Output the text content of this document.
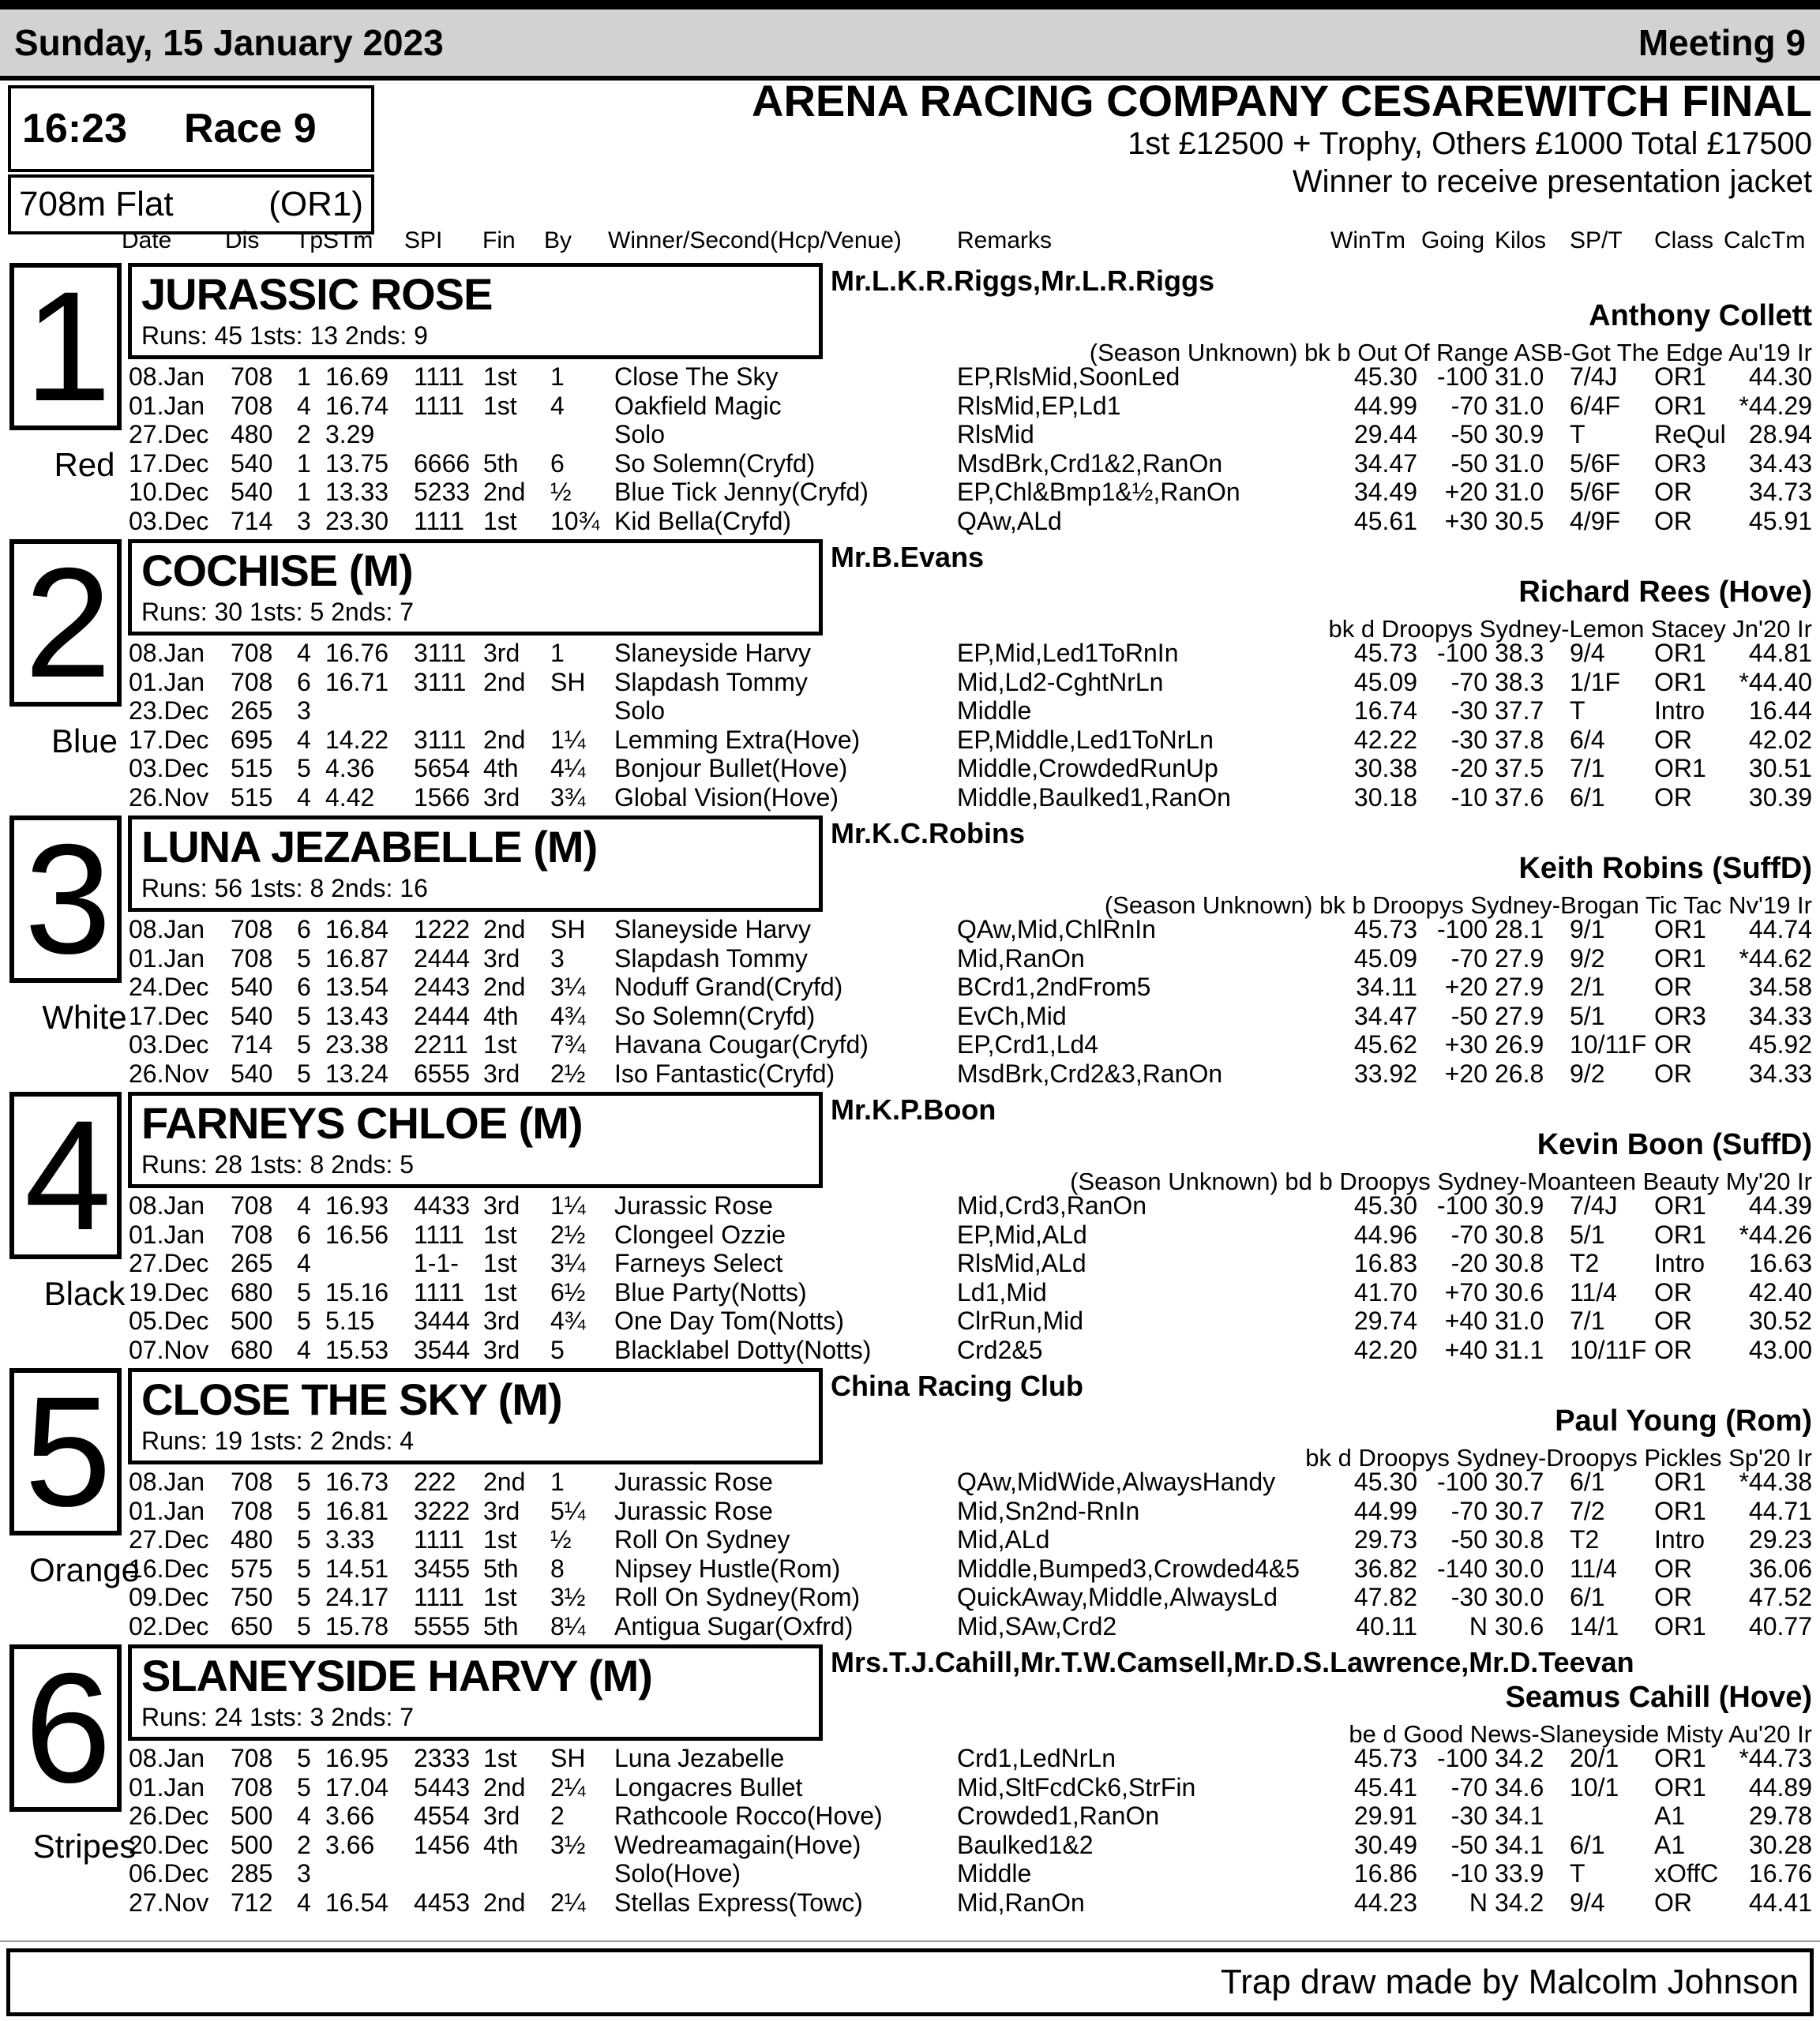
Sunday, 15 January 2023	Meeting 9
16:23 Race 9
708m Flat	(OR1)
ARENA RACING COMPANY CESAREWITCH FINAL
1st £12500 + Trophy, Others £1000 Total £17500
Winner to receive presentation jacket
Date Dis TpSTm SPI Fin By Winner/Second(Hcp/Venue) Remarks	WinTm Going Kilos SP/T Class CalcTm
1
Red
JURASSIC ROSE
Runs: 45 1sts: 13 2nds: 9
Mr.L.K.R.Riggs,Mr.L.R.Riggs
Anthony Collett
(Season Unknown) bk b Out Of Range ASB-Got The Edge Au'19 Ir
08.Jan 708 1 16.69 1111 1st 1 Close The Sky	EP,RlsMid,SoonLed	45.30 -100 31.0 7/4J OR1	44.30
01.Jan 708 4 16.74 1111 1st 4 Oakfield Magic	RlsMid,EP,Ld1	44.99	-70 31.0 6/4F OR1	*44.29
27.Dec 480 2 3.29	Solo	RlsMid	29.44	-50 30.9 T	ReQul 28.94
17.Dec 540 1 13.75 6666 5th 6 So Solemn(Cryfd)	MsdBrk,Crd1&2,RanOn	34.47	-50 31.0 5/6F OR3	34.43
10.Dec 540 1 13.33 5233 2nd ½ Blue Tick Jenny(Cryfd)	EP,Chl&Bmp1&½,RanOn	34.49	+20 31.0 5/6F OR	34.73
03.Dec 714 3 23.30 1111 1st 10¾ Kid Bella(Cryfd)	QAw,ALd	45.61	+30 30.5 4/9F OR	45.91
2
Blue
COCHISE (M)
Runs: 30 1sts: 5 2nds: 7
Mr.B.Evans
Richard Rees (Hove)
bk d Droopys Sydney-Lemon Stacey Jn'20 Ir
08.Jan 708 4 16.76 3111 3rd 1 Slaneyside Harvy	EP,Mid,Led1ToRnIn	45.73 -100 38.3 9/4 OR1	44.81
01.Jan 708 6 16.71 3111 2nd SH Slapdash Tommy	Mid,Ld2-CghtNrLn	45.09	-70 38.3 1/1F OR1	*44.40
23.Dec 265 3	Solo	Middle	16.74	-30 37.7 T	Intro	16.44
17.Dec 695 4 14.22 3111 2nd 1¼ Lemming Extra(Hove)	EP,Middle,Led1ToNrLn	42.22	-30 37.8 6/4 OR	42.02
03.Dec 515 5 4.36 5654 4th 4¼ Bonjour Bullet(Hove)	Middle,CrowdedRunUp	30.38	-20 37.5 7/1 OR1	30.51
26.Nov 515 4 4.42 1566 3rd 3¾ Global Vision(Hove)	Middle,Baulked1,RanOn	30.18	-10 37.6 6/1 OR	30.39
3
White
LUNA JEZABELLE (M)
Runs: 56 1sts: 8 2nds: 16
Mr.K.C.Robins
Keith Robins (SuffD)
(Season Unknown) bk b Droopys Sydney-Brogan Tic Tac Nv'19 Ir
08.Jan 708 6 16.84 1222 2nd SH Slaneyside Harvy	QAw,Mid,ChlRnIn	45.73 -100 28.1 9/1 OR1	44.74
01.Jan 708 5 16.87 2444 3rd 3 Slapdash Tommy	Mid,RanOn	45.09	-70 27.9 9/2 OR1	*44.62
24.Dec 540 6 13.54 2443 2nd 3¼ Noduff Grand(Cryfd)	BCrd1,2ndFrom5	34.11	+20 27.9 2/1 OR	34.58
17.Dec 540 5 13.43 2444 4th 4¾ So Solemn(Cryfd)	EvCh,Mid	34.47	-50 27.9 5/1 OR3	34.33
03.Dec 714 5 23.38 2211 1st 7¾ Havana Cougar(Cryfd)	EP,Crd1,Ld4	45.62	+30 26.9 10/11F OR	45.92
26.Nov 540 5 13.24 6555 3rd 2½ Iso Fantastic(Cryfd)	MsdBrk,Crd2&3,RanOn	33.92	+20 26.8 9/2 OR	34.33
4
Black
FARNEYS CHLOE (M)
Runs: 28 1sts: 8 2nds: 5
Mr.K.P.Boon
Kevin Boon (SuffD)
(Season Unknown) bd b Droopys Sydney-Moanteen Beauty My'20 Ir
08.Jan 708 4 16.93 4433 3rd 1¼ Jurassic Rose	Mid,Crd3,RanOn	45.30 -100 30.9 7/4J OR1	44.39
01.Jan 708 6 16.56 1111 1st 2½ Clongeel Ozzie	EP,Mid,ALd	44.96	-70 30.8 5/1 OR1	*44.26
27.Dec 265 4	1-1- 1st 3¼ Farneys Select	RlsMid,ALd	16.83	-20 30.8 T2 Intro	16.63
19.Dec 680 5 15.16 1111 1st 6½ Blue Party(Notts)	Ld1,Mid	41.70	+70 30.6 11/4 OR	42.40
05.Dec 500 5 5.15 3444 3rd 4¾ One Day Tom(Notts)	ClrRun,Mid	29.74	+40 31.0 7/1 OR	30.52
07.Nov 680 4 15.53 3544 3rd 5 Blacklabel Dotty(Notts)	Crd2&5	42.20	+40 31.1 10/11F OR	43.00
5
Orange
CLOSE THE SKY (M)
Runs: 19 1sts: 2 2nds: 4
China Racing Club
Paul Young (Rom)
bk d Droopys Sydney-Droopys Pickles Sp'20 Ir
08.Jan 708 5 16.73 222 2nd 1 Jurassic Rose	QAw,MidWide,AlwaysHandy	45.30 -100 30.7 6/1 OR1	*44.38
01.Jan 708 5 16.81 3222 3rd 5¼ Jurassic Rose	Mid,Sn2nd-RnIn	44.99	-70 30.7 7/2 OR1	44.71
27.Dec 480 5 3.33 1111 1st ½ Roll On Sydney	Mid,ALd	29.73	-50 30.8 T2 Intro	29.23
16.Dec 575 5 14.51 3455 5th 8 Nipsey Hustle(Rom)	Middle,Bumped3,Crowded4&5	36.82 -140 30.0 11/4 OR	36.06
09.Dec 750 5 24.17 1111 1st 3½ Roll On Sydney(Rom)	QuickAway,Middle,AlwaysLd	47.82	-30 30.0 6/1 OR	47.52
02.Dec 650 5 15.78 5555 5th 8¼ Antigua Sugar(Oxfrd)	Mid,SAw,Crd2	40.11	N 30.6 14/1 OR1	40.77
6
Stripes
SLANEYSIDE HARVY (M)
Runs: 24 1sts: 3 2nds: 7
Mrs.T.J.Cahill,Mr.T.W.Camsell,Mr.D.S.Lawrence,Mr.D.Teevan
Seamus Cahill (Hove)
be d Good News-Slaneyside Misty Au'20 Ir
08.Jan 708 5 16.95 2333 1st SH Luna Jezabelle	Crd1,LedNrLn	45.73 -100 34.2 20/1 OR1	*44.73
01.Jan 708 5 17.04 5443 2nd 2¼ Longacres Bullet	Mid,SltFcdCk6,StrFin	45.41	-70 34.6 10/1 OR1	44.89
26.Dec 500 4 3.66 4554 3rd 2 Rathcoole Rocco(Hove)	Crowded1,RanOn	29.91	-30 34.1	A1	29.78
20.Dec 500 2 3.66 1456 4th 3½ Wedreamagain(Hove)	Baulked1&2	30.49	-50 34.1 6/1 A1	30.28
06.Dec 285 3	Solo(Hove)	Middle	16.86	-10 33.9 T	xOffC	16.76
27.Nov 712 4 16.54 4453 2nd 2¼ Stellas Express(Towc)	Mid,RanOn	44.23	N 34.2 9/4 OR	44.41
Trap draw made by Malcolm Johnson
